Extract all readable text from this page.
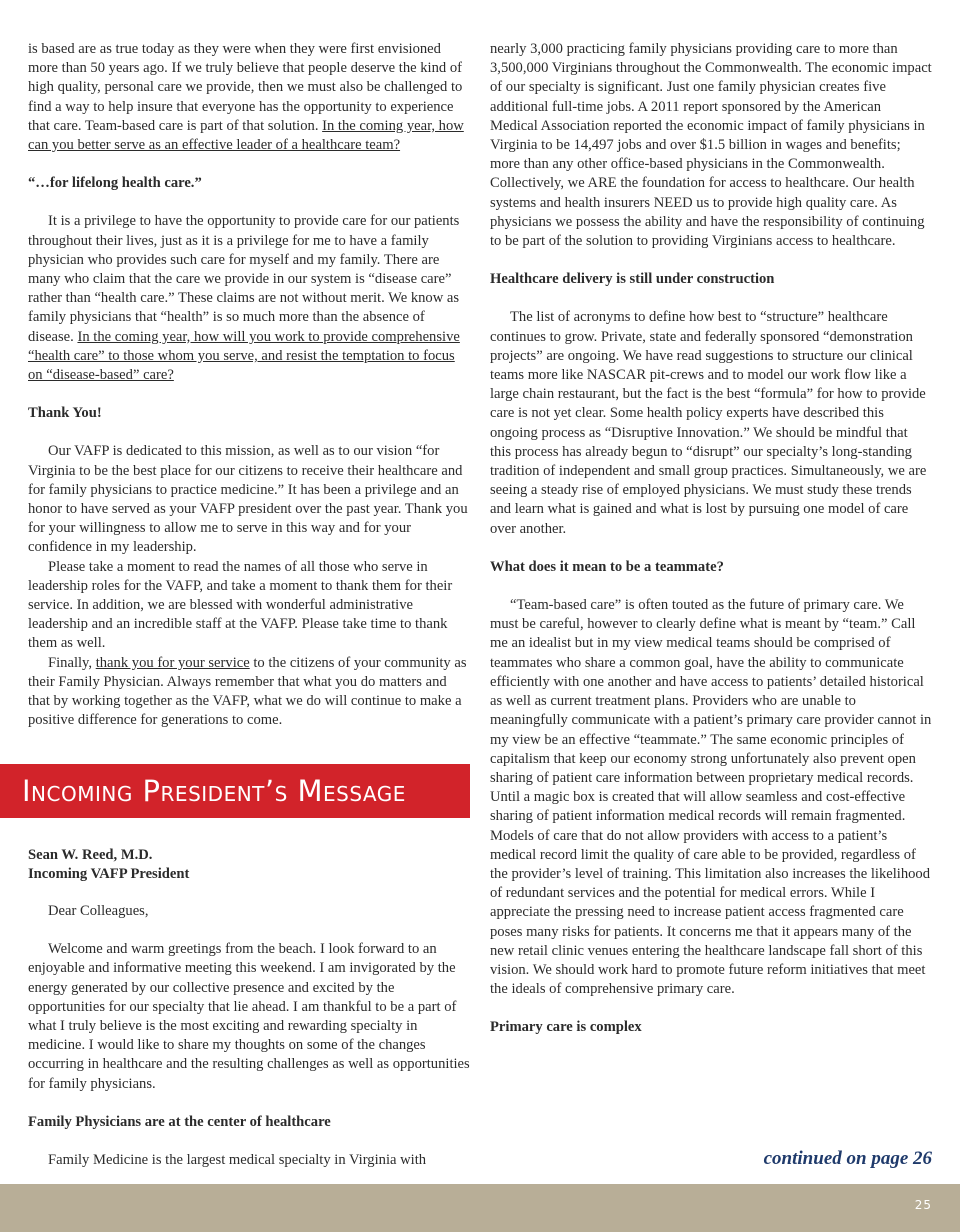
is based are as true today as they were when they were first envisioned more than 50 years ago. If we truly believe that people deserve the kind of high quality, personal care we provide, then we must also be challenged to find a way to help insure that everyone has the opportunity to experience that care. Team-based care is part of that solution. In the coming year, how can you better serve as an effective leader of a healthcare team?

“…for lifelong health care.”

It is a privilege to have the opportunity to provide care for our patients throughout their lives, just as it is a privilege for me to have a family physician who provides such care for myself and my family. There are many who claim that the care we provide in our system is “disease care” rather than “health care.” These claims are not without merit. We know as family physicians that “health” is so much more than the absence of disease. In the coming year, how will you work to provide comprehensive “health care” to those whom you serve, and resist the temptation to focus on “disease-based” care?

Thank You!

Our VAFP is dedicated to this mission, as well as to our vision “for Virginia to be the best place for our citizens to receive their healthcare and for family physicians to practice medicine.” It has been a privilege and an honor to have served as your VAFP president over the past year. Thank you for your willingness to allow me to serve in this way and for your confidence in my leadership.

Please take a moment to read the names of all those who serve in leadership roles for the VAFP, and take a moment to thank them for their service. In addition, we are blessed with wonderful administrative leadership and an incredible staff at the VAFP. Please take time to thank them as well.

Finally, thank you for your service to the citizens of your community as their Family Physician. Always remember that what you do matters and that by working together as the VAFP, what we do will continue to make a positive difference for generations to come.

Incoming President’s Message

Sean W. Reed, M.D.

Incoming VAFP President

Dear Colleagues,

Welcome and warm greetings from the beach. I look forward to an enjoyable and informative meeting this weekend. I am invigorated by the energy generated by our collective presence and excited by the opportunities for our specialty that lie ahead. I am thankful to be a part of what I truly believe is the most exciting and rewarding specialty in medicine. I would like to share my thoughts on some of the changes occurring in healthcare and the resulting challenges as well as opportunities for family physicians.

Family Physicians are at the center of healthcare

Family Medicine is the largest medical specialty in Virginia with

nearly 3,000 practicing family physicians providing care to more than 3,500,000 Virginians throughout the Commonwealth. The economic impact of our specialty is significant. Just one family physician creates five additional full-time jobs. A 2011 report sponsored by the American Medical Association reported the economic impact of family physicians in Virginia to be 14,497 jobs and over $1.5 billion in wages and benefits; more than any other office-based physicians in the Commonwealth. Collectively, we ARE the foundation for access to healthcare. Our health systems and health insurers NEED us to provide high quality care. As physicians we possess the ability and have the responsibility of continuing to be part of the solution to providing Virginians access to healthcare.

Healthcare delivery is still under construction

The list of acronyms to define how best to “structure” healthcare continues to grow. Private, state and federally sponsored “demonstration projects” are ongoing. We have read suggestions to structure our clinical teams more like NASCAR pit-crews and to model our work flow like a large chain restaurant, but the fact is the best “formula” for how to provide care is not yet clear. Some health policy experts have described this ongoing process as “Disruptive Innovation.” We should be mindful that this process has already begun to “disrupt” our specialty’s long-standing tradition of independent and small group practices. Simultaneously, we are seeing a steady rise of employed physicians. We must study these trends and learn what is gained and what is lost by pursuing one model of care over another.

What does it mean to be a teammate?

“Team-based care” is often touted as the future of primary care. We must be careful, however to clearly define what is meant by “team.” Call me an idealist but in my view medical teams should be comprised of teammates who share a common goal, have the ability to communicate efficiently with one another and have access to patients’ detailed historical as well as current treatment plans. Providers who are unable to meaningfully communicate with a patient’s primary care provider cannot in my view be an effective “teammate.” The same economic principles of capitalism that keep our economy strong unfortunately also prevent open sharing of patient care information between proprietary medical records. Until a magic box is created that will allow seamless and cost-effective sharing of patient information medical records will remain fragmented. Models of care that do not allow providers with access to a patient’s medical record limit the quality of care able to be provided, regardless of the provider’s level of training. This limitation also increases the likelihood of redundant services and the potential for medical errors. While I appreciate the pressing need to increase patient access fragmented care poses many risks for patients. It concerns me that it appears many of the new retail clinic venues entering the healthcare landscape fall short of this vision. We should work hard to promote future reform initiatives that meet the ideals of comprehensive primary care.

Primary care is complex

continued on page 26
25
